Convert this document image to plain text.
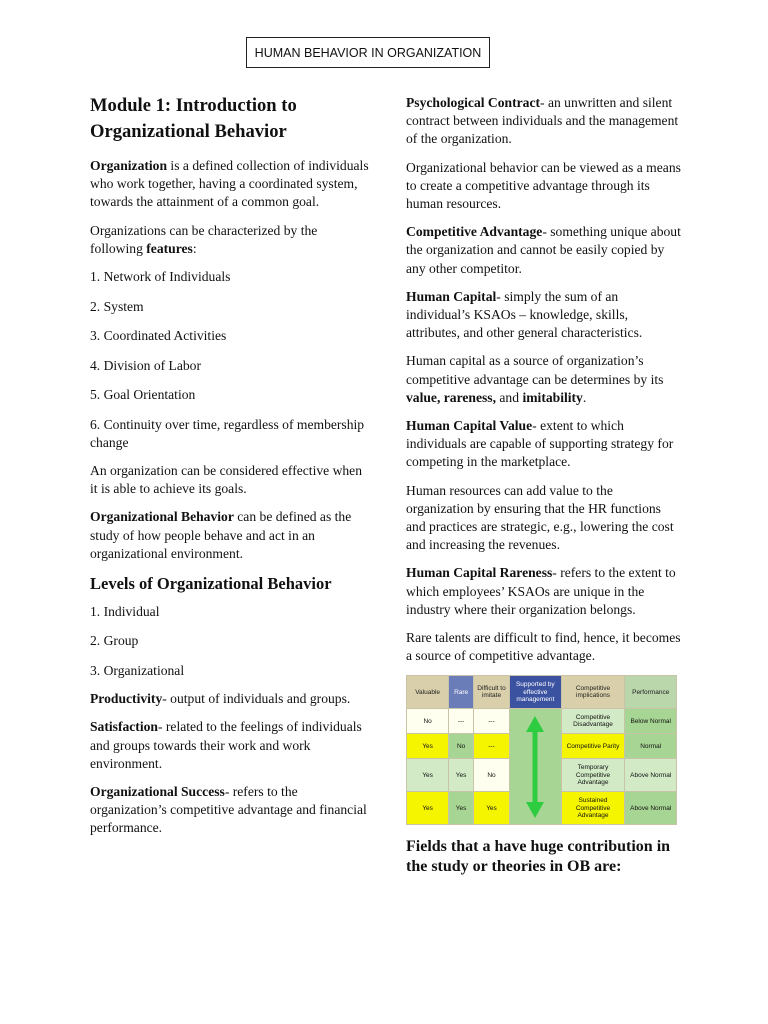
HUMAN BEHAVIOR IN ORGANIZATION
Module 1: Introduction to Organizational Behavior

Organization is a defined collection of individuals who work together, having a coordinated system, towards the attainment of a common goal.

Organizations can be characterized by the following features:

1. Network of Individuals

2. System

3. Coordinated Activities

4. Division of Labor

5. Goal Orientation

6. Continuity over time, regardless of membership change

An organization can be considered effective when it is able to achieve its goals.

Organizational Behavior can be defined as the study of how people behave and act in an organizational environment.

Levels of Organizational Behavior

1. Individual

2. Group

3. Organizational

Productivity- output of individuals and groups.

Satisfaction- related to the feelings of individuals and groups towards their work and work environment.

Organizational Success- refers to the organization’s competitive advantage and financial performance.

Psychological Contract- an unwritten and silent contract between individuals and the management of the organization.

Organizational behavior can be viewed as a means to create a competitive advantage through its human resources.

Competitive Advantage- something unique about the organization and cannot be easily copied by any other competitor.

Human Capital- simply the sum of an individual’s KSAOs – knowledge, skills, attributes, and other general characteristics.

Human capital as a source of organization’s competitive advantage can be determines by its value, rareness, and imitability.

Human Capital Value- extent to which individuals are capable of supporting strategy for competing in the marketplace.

Human resources can add value to the organization by ensuring that the HR functions and practices are strategic, e.g., lowering the cost and increasing the revenues.

Human Capital Rareness- refers to the extent to which employees’ KSAOs are unique in the industry where their organization belongs.

Rare talents are difficult to find, hence, it becomes a source of competitive advantage.

Valuable	Rare	Difficult to imitate	Supported by effective management	Competitive implications	Performance
No	---	---		Competitive Disadvantage	Below Normal
Yes	No	---		Competitive Parity	Normal
Yes	Yes	No		Temporary Competitive Advantage	Above Normal
Yes	Yes	Yes		Sustained Competitive Advantage	Above Normal
Fields that a have huge contribution in the study or theories in OB are:
